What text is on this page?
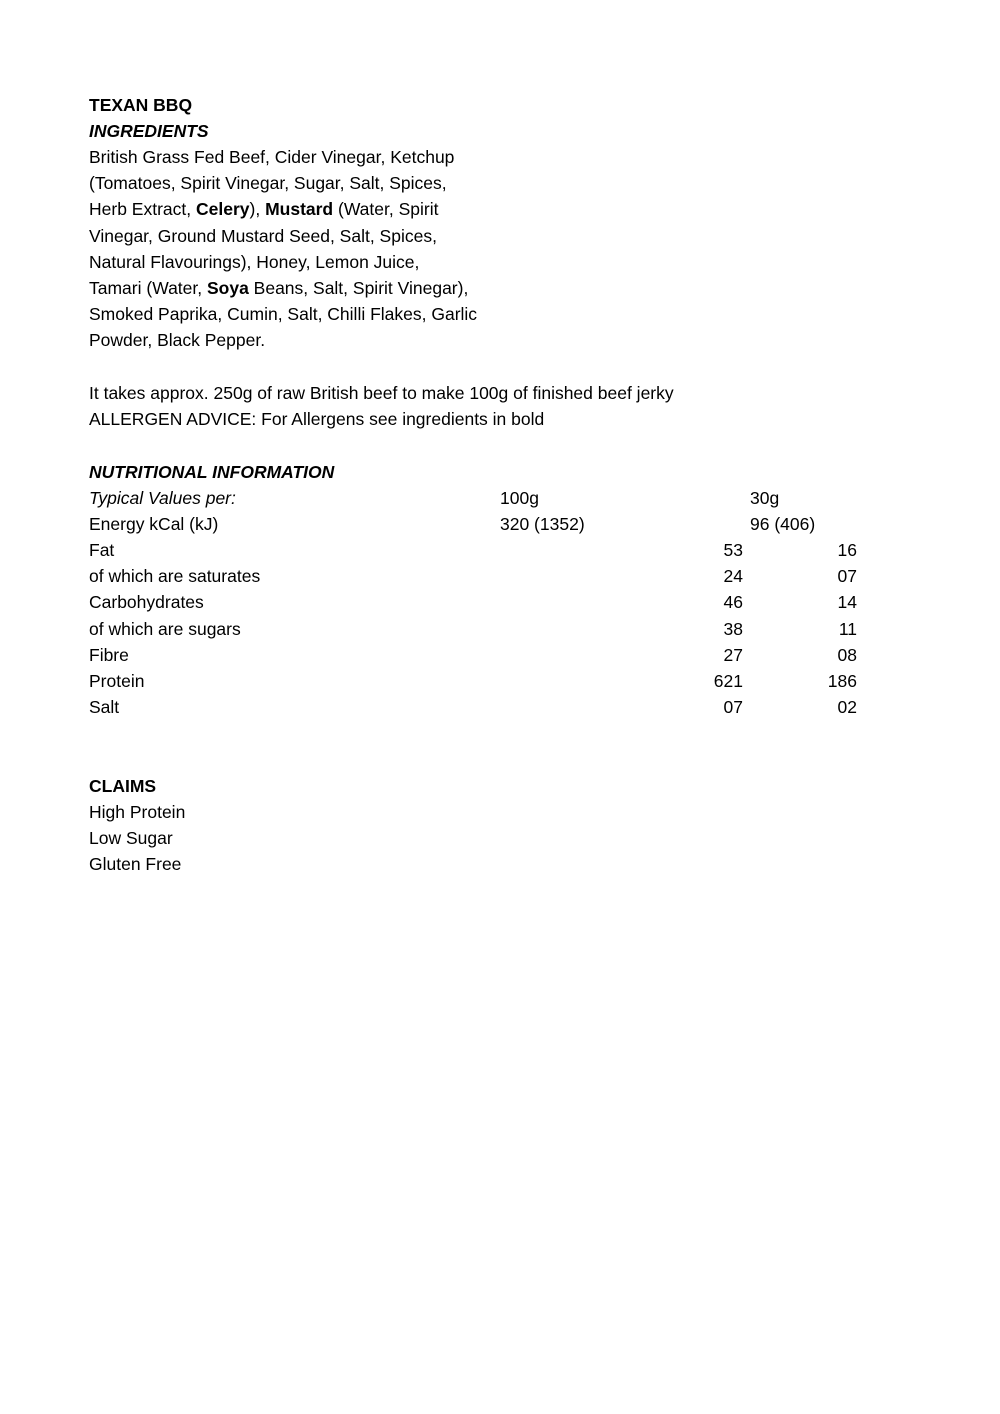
TEXAN BBQ
INGREDIENTS
British Grass Fed Beef, Cider Vinegar, Ketchup
(Tomatoes, Spirit Vinegar, Sugar, Salt, Spices,
Herb Extract, Celery), Mustard (Water, Spirit
Vinegar, Ground Mustard Seed, Salt, Spices,
Natural Flavourings), Honey, Lemon Juice,
Tamari (Water, Soya Beans, Salt, Spirit Vinegar),
Smoked Paprika, Cumin, Salt, Chilli Flakes, Garlic
Powder, Black Pepper.
It takes approx. 250g of raw British beef to make 100g of finished beef jerky
ALLERGEN ADVICE: For Allergens see ingredients in bold
NUTRITIONAL INFORMATION
Typical Values per:	100g	30g
Energy kCal (kJ)	320 (1352)	96 (406)
Fat	53	16
of which are saturates	24	07
Carbohydrates	46	14
of which are sugars	38	11
Fibre	27	08
Protein	621	186
Salt	07	02
CLAIMS
High Protein
Low Sugar
Gluten Free
